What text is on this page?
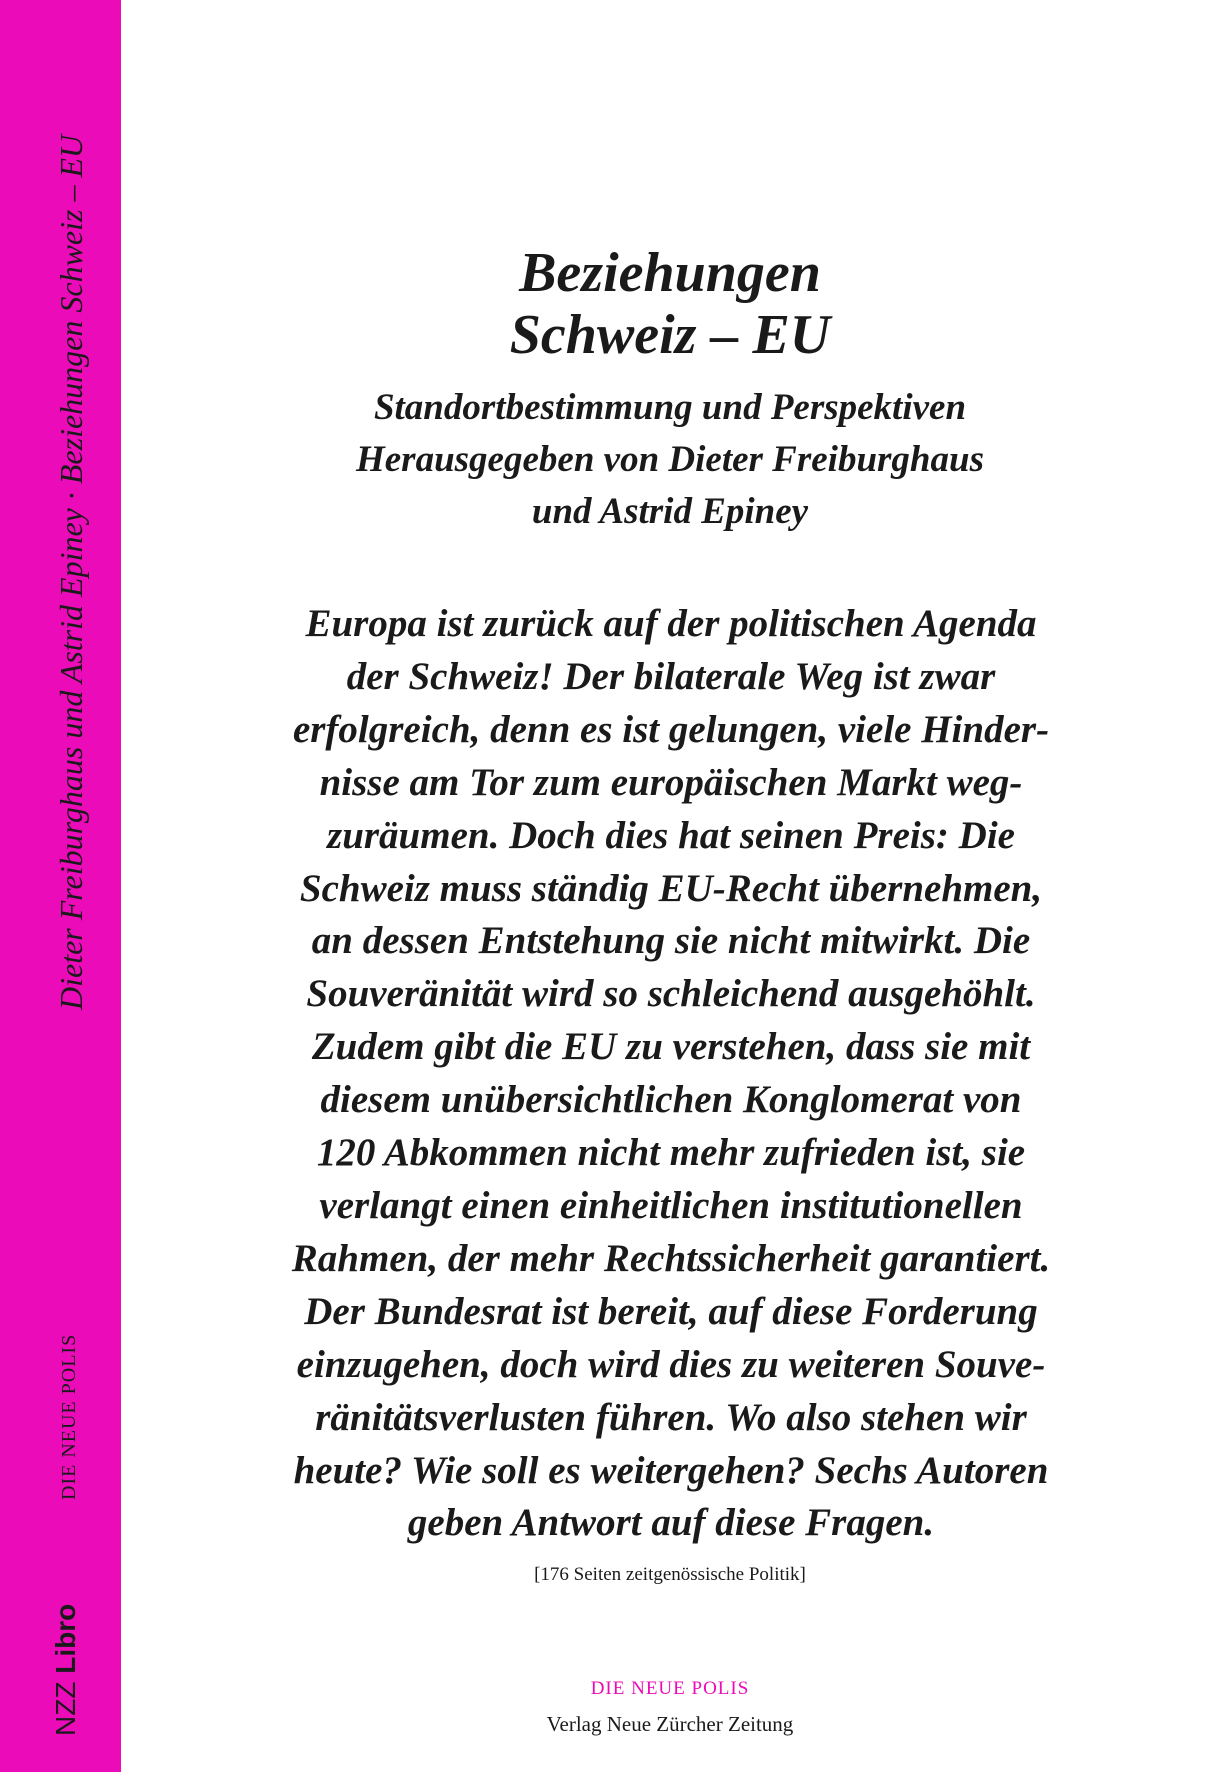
Dieter Freiburghaus und Astrid Epiney · Beziehungen Schweiz – EU
DIE NEUE POLIS
NZZ Libro
Beziehungen
Schweiz – EU
Standortbestimmung und Perspektiven
Herausgegeben von Dieter Freiburghaus
und Astrid Epiney
Europa ist zurück auf der politischen Agenda
der Schweiz! Der bilaterale Weg ist zwar
erfolgreich, denn es ist gelungen, viele Hinder-
nisse am Tor zum europäischen Markt weg-
zuräumen. Doch dies hat seinen Preis: Die
Schweiz muss ständig EU-Recht übernehmen,
an dessen Entstehung sie nicht mitwirkt. Die
Souveränität wird so schleichend ausgehöhlt.
Zudem gibt die EU zu verstehen, dass sie mit
diesem unübersichtlichen Konglomerat von
120 Abkommen nicht mehr zufrieden ist, sie
verlangt einen einheitlichen institutionellen
Rahmen, der mehr Rechtssicherheit garantiert.
Der Bundesrat ist bereit, auf diese Forderung
einzugehen, doch wird dies zu weiteren Souve-
ränitätsverlusten führen. Wo also stehen wir
heute? Wie soll es weitergehen? Sechs Autoren
geben Antwort auf diese Fragen.
[176 Seiten zeitgenössische Politik]
DIE NEUE POLIS
Verlag Neue Zürcher Zeitung
